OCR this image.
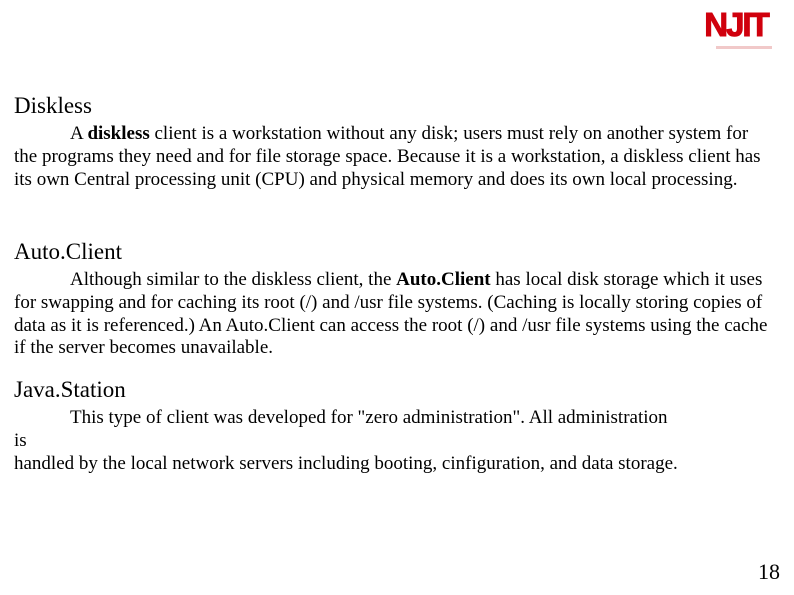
NJIT
Diskless

A diskless client is a workstation without any disk; users must rely on another system for the programs they need and for file storage space. Because it is a workstation, a diskless client has its own Central processing unit (CPU) and physical memory and does its own local processing.

Auto.Client

Although similar to the diskless client, the Auto.Client has local disk storage which it uses for swapping and for caching its root (/) and /usr file systems. (Caching is locally storing copies of data as it is referenced.) An Auto.Client can access the root (/) and /usr file systems using the cache if the server becomes unavailable.

Java.Station

This type of client was developed for "zero administration". All administration

is

handled by the local network servers including booting, cinfiguration, and data storage.

18
